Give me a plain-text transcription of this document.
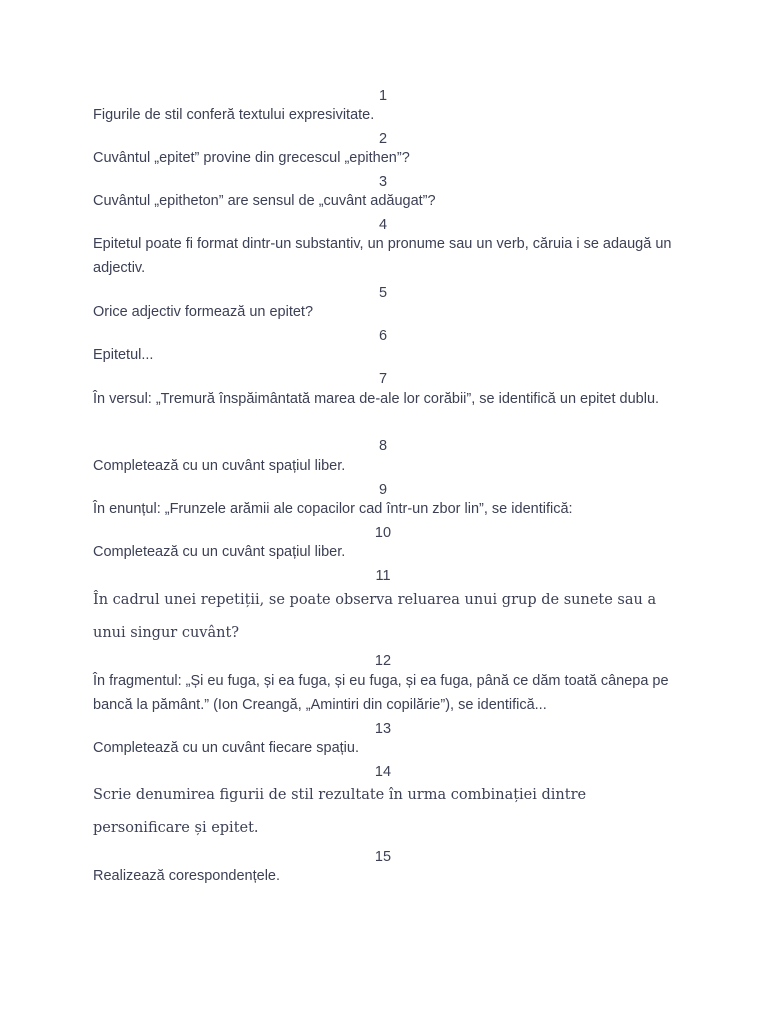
1
Figurile de stil conferă textului expresivitate.
2
Cuvântul „epitet” provine din grecescul „epithen”?
3
Cuvântul „epitheton” are sensul de „cuvânt adăugat”?
4
Epitetul poate fi format dintr-un substantiv, un pronume sau un verb, căruia i se adaugă un adjectiv.
5
Orice adjectiv formează un epitet?
6
Epitetul...
7
În versul: „Tremură înspăimântată marea de-ale lor corăbii”, se identifică un epitet dublu.
8
Completează cu un cuvânt spațiul liber.
9
În enunțul: „Frunzele arămii ale copacilor cad într-un zbor lin”, se identifică:
10
Completează cu un cuvânt spațiul liber.
11
În cadrul unei repetiții, se poate observa reluarea unui grup de sunete sau a unui singur cuvânt?
12
În fragmentul: „Și eu fuga, și ea fuga, și eu fuga, și ea fuga, până ce dăm toată cânepa pe bancă la pământ.” (Ion Creangă, „Amintiri din copilărie”), se identifică...
13
Completează cu un cuvânt fiecare spațiu.
14
Scrie denumirea figurii de stil rezultate în urma combinației dintre personificare și epitet.
15
Realizează corespondențele.
